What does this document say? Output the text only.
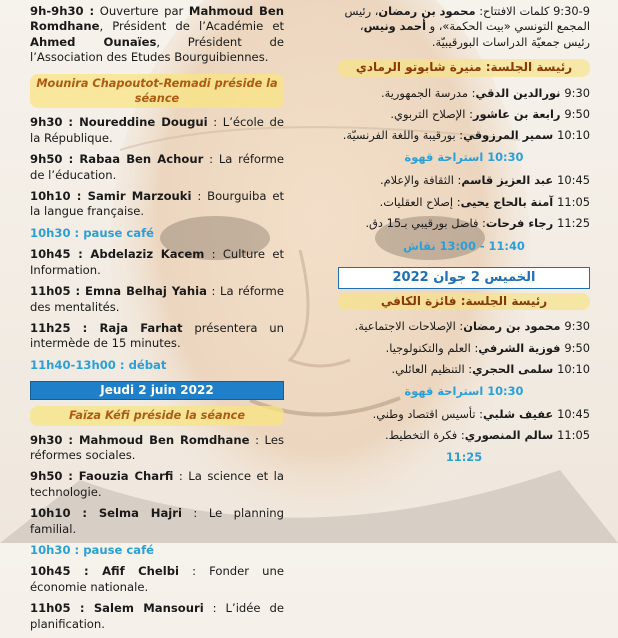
9h-9h30 : Ouverture par Mahmoud Ben Romdhane, Président de l’Académie et Ahmed Ounaïes, Président de l’Association des Etudes Bourguibiennes.
Mounira Chapoutot-Remadi préside la séance
9h30 : Noureddine Dougui : L’école de la République.
9h50 : Rabaa Ben Achour : La réforme de l’éducation.
10h10 : Samir Marzouki : Bourguiba et la langue française.
10h30 : pause café
10h45 : Abdelaziz Kacem : Culture et Information.
11h05 : Emna Belhaj Yahia : La réforme des mentalités.
11h25 : Raja Farhat présentera un intermède de 15 minutes.
11h40-13h00 : débat
Jeudi 2 juin 2022
Faïza Kéfi préside la séance
9h30 : Mahmoud Ben Romdhane : Les réformes sociales.
9h50 : Faouzia Charfi : La science et la technologie.
10h10 : Selma Hajri : Le planning familial.
10h30 : pause café
10h45 : Afif Chelbi : Fonder une économie nationale.
11h05 : Salem Mansouri : L’idée de planification.
9:30-9 كلمات الافتتاح: محمود بن رمضان، رئيس المجمع التونسي «بيت الحكمة»، و أحمد ونيس، رئيس جمعيّة الدراسات البورقيبيّة.
رئيسة الجلسة: منيرة شابوتو الرمادي
9:30 نورالدين الدقي: مدرسة الجمهورية.
9:50 رابعة بن عاشور: الإصلاح التربوي.
10:10 سمير المرزوقي: بورقيبة واللغة الفرنسيّة.
10:30 استراحة قهوة
10:45 عبد العزيز قاسم: الثقافة والإعلام.
11:05 آمنة بالحاج يحيى: إصلاح العقليات.
11:25 رجاء فرحات: فاصل بورقيبي بـ15 دق.
11:40 - 13:00 نقاش
الخميس 2 جوان 2022
رئيسة الجلسة: فائزة الكافي
9:30 محمود بن رمضان: الإصلاحات الاجتماعية.
9:50 فوزية الشرفي: العلم والتكنولوجيا.
10:10 سلمى الحجري: التنظيم العائلي.
10:30 استراحة قهوة
10:45 عفيف شلبي: تأسيس اقتصاد وطني.
11:05 سالم المنصوري: فكرة التخطيط.
11:25
